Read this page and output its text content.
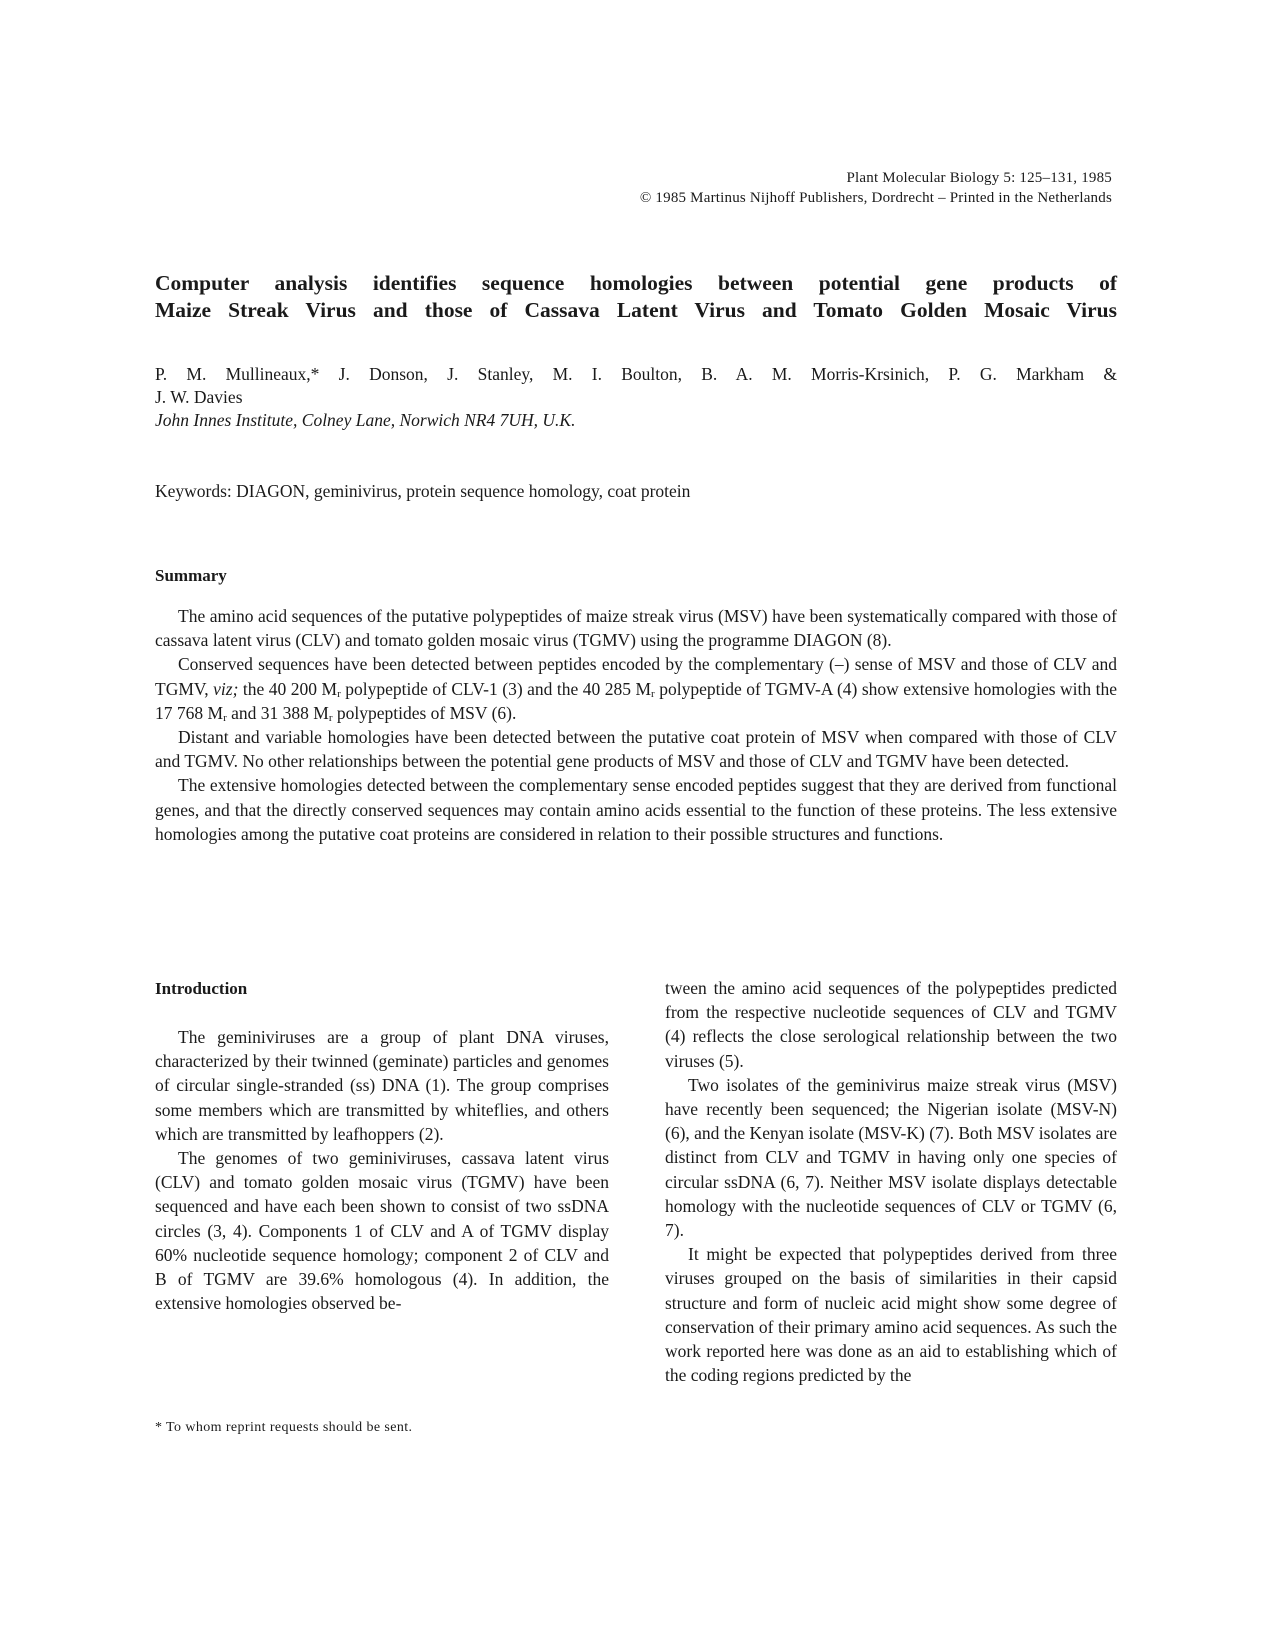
Plant Molecular Biology 5: 125–131, 1985
© 1985 Martinus Nijhoff Publishers, Dordrecht – Printed in the Netherlands
Computer analysis identifies sequence homologies between potential gene products of
Maize Streak Virus and those of Cassava Latent Virus and Tomato Golden Mosaic Virus
P. M. Mullineaux,* J. Donson, J. Stanley, M. I. Boulton, B. A. M. Morris-Krsinich, P. G. Markham &
J. W. Davies
John Innes Institute, Colney Lane, Norwich NR4 7UH, U.K.
Keywords: DIAGON, geminivirus, protein sequence homology, coat protein
Summary

The amino acid sequences of the putative polypeptides of maize streak virus (MSV) have been systematically compared with those of cassava latent virus (CLV) and tomato golden mosaic virus (TGMV) using the programme DIAGON (8).

Conserved sequences have been detected between peptides encoded by the complementary (–) sense of MSV and those of CLV and TGMV, viz; the 40 200 $M_r$ polypeptide of CLV-1 (3) and the 40 285 $M_r$ polypeptide of TGMV-A (4) show extensive homologies with the 17 768 $M_r$ and 31 388 $M_r$ polypeptides of MSV (6).

Distant and variable homologies have been detected between the putative coat protein of MSV when compared with those of CLV and TGMV. No other relationships between the potential gene products of MSV and those of CLV and TGMV have been detected.

The extensive homologies detected between the complementary sense encoded peptides suggest that they are derived from functional genes, and that the directly conserved sequences may contain amino acids essential to the function of these proteins. The less extensive homologies among the putative coat proteins are considered in relation to their possible structures and functions.

Introduction

The geminiviruses are a group of plant DNA viruses, characterized by their twinned (geminate) particles and genomes of circular single-stranded (ss) DNA (1). The group comprises some members which are transmitted by whiteflies, and others which are transmitted by leafhoppers (2).

The genomes of two geminiviruses, cassava latent virus (CLV) and tomato golden mosaic virus (TGMV) have been sequenced and have each been shown to consist of two ssDNA circles (3, 4). Components 1 of CLV and A of TGMV display 60% nucleotide sequence homology; component 2 of CLV and B of TGMV are 39.6% homologous (4). In addition, the extensive homologies observed be-

tween the amino acid sequences of the polypeptides predicted from the respective nucleotide sequences of CLV and TGMV (4) reflects the close serological relationship between the two viruses (5).

Two isolates of the geminivirus maize streak virus (MSV) have recently been sequenced; the Nigerian isolate (MSV-N) (6), and the Kenyan isolate (MSV-K) (7). Both MSV isolates are distinct from CLV and TGMV in having only one species of circular ssDNA (6, 7). Neither MSV isolate displays detectable homology with the nucleotide sequences of CLV or TGMV (6, 7).

It might be expected that polypeptides derived from three viruses grouped on the basis of similarities in their capsid structure and form of nucleic acid might show some degree of conservation of their primary amino acid sequences. As such the work reported here was done as an aid to establishing which of the coding regions predicted by the

* To whom reprint requests should be sent.
